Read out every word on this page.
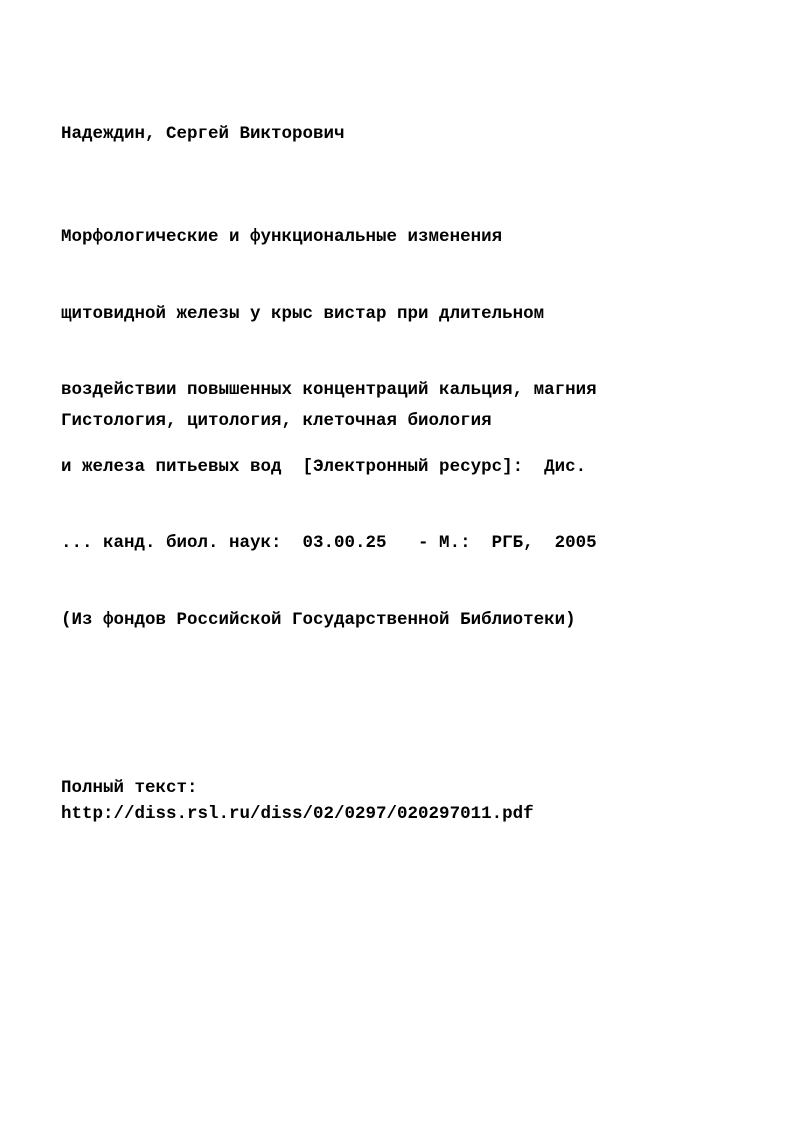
Надеждин, Сергей Викторович

Морфологические и функциональные изменения

щитовидной железы у крыс вистар при длительном

воздействии повышенных концентраций кальция, магния

и железа питьевых вод  [Электронный ресурс]:  Дис.

... канд. биол. наук:  03.00.25   - М.:  РГБ,  2005

(Из фондов Российской Государственной Библиотеки)

Гистология, цитология, клеточная биология
Полный текст:
http://diss.rsl.ru/diss/02/0297/020297011.pdf
